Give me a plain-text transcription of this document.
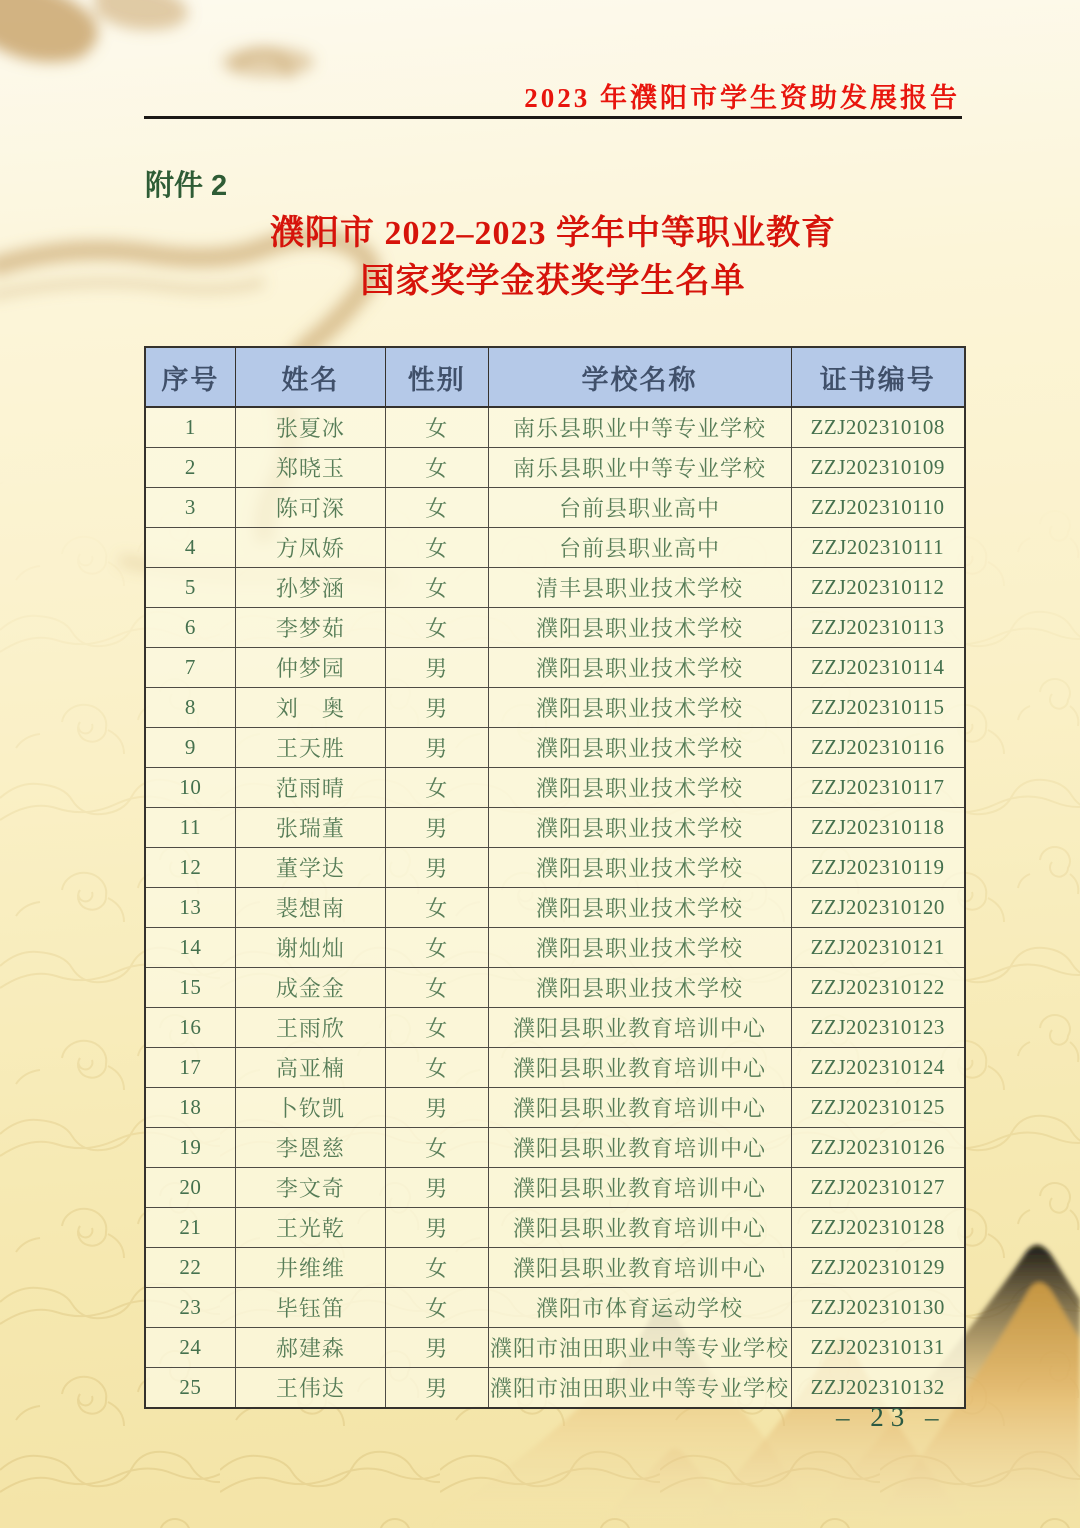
2023 年濮阳市学生资助发展报告

附件 2

濮阳市 2022–2023 学年中等职业教育
国家奖学金获奖学生名单
序号	姓名	性别	学校名称	证书编号
1	张夏冰	女	南乐县职业中等专业学校	ZZJ202310108
2	郑晓玉	女	南乐县职业中等专业学校	ZZJ202310109
3	陈可深	女	台前县职业高中	ZZJ202310110
4	方凤娇	女	台前县职业高中	ZZJ202310111
5	孙梦涵	女	清丰县职业技术学校	ZZJ202310112
6	李梦茹	女	濮阳县职业技术学校	ZZJ202310113
7	仲梦园	男	濮阳县职业技术学校	ZZJ202310114
8	刘　奥	男	濮阳县职业技术学校	ZZJ202310115
9	王天胜	男	濮阳县职业技术学校	ZZJ202310116
10	范雨晴	女	濮阳县职业技术学校	ZZJ202310117
11	张瑞董	男	濮阳县职业技术学校	ZZJ202310118
12	董学达	男	濮阳县职业技术学校	ZZJ202310119
13	裴想南	女	濮阳县职业技术学校	ZZJ202310120
14	谢灿灿	女	濮阳县职业技术学校	ZZJ202310121
15	成金金	女	濮阳县职业技术学校	ZZJ202310122
16	王雨欣	女	濮阳县职业教育培训中心	ZZJ202310123
17	高亚楠	女	濮阳县职业教育培训中心	ZZJ202310124
18	卜钦凯	男	濮阳县职业教育培训中心	ZZJ202310125
19	李恩慈	女	濮阳县职业教育培训中心	ZZJ202310126
20	李文奇	男	濮阳县职业教育培训中心	ZZJ202310127
21	王光乾	男	濮阳县职业教育培训中心	ZZJ202310128
22	井维维	女	濮阳县职业教育培训中心	ZZJ202310129
23	毕钰笛	女	濮阳市体育运动学校	ZZJ202310130
24	郝建森	男	濮阳市油田职业中等专业学校	ZZJ202310131
25	王伟达	男	濮阳市油田职业中等专业学校	ZZJ202310132

– 23 –
